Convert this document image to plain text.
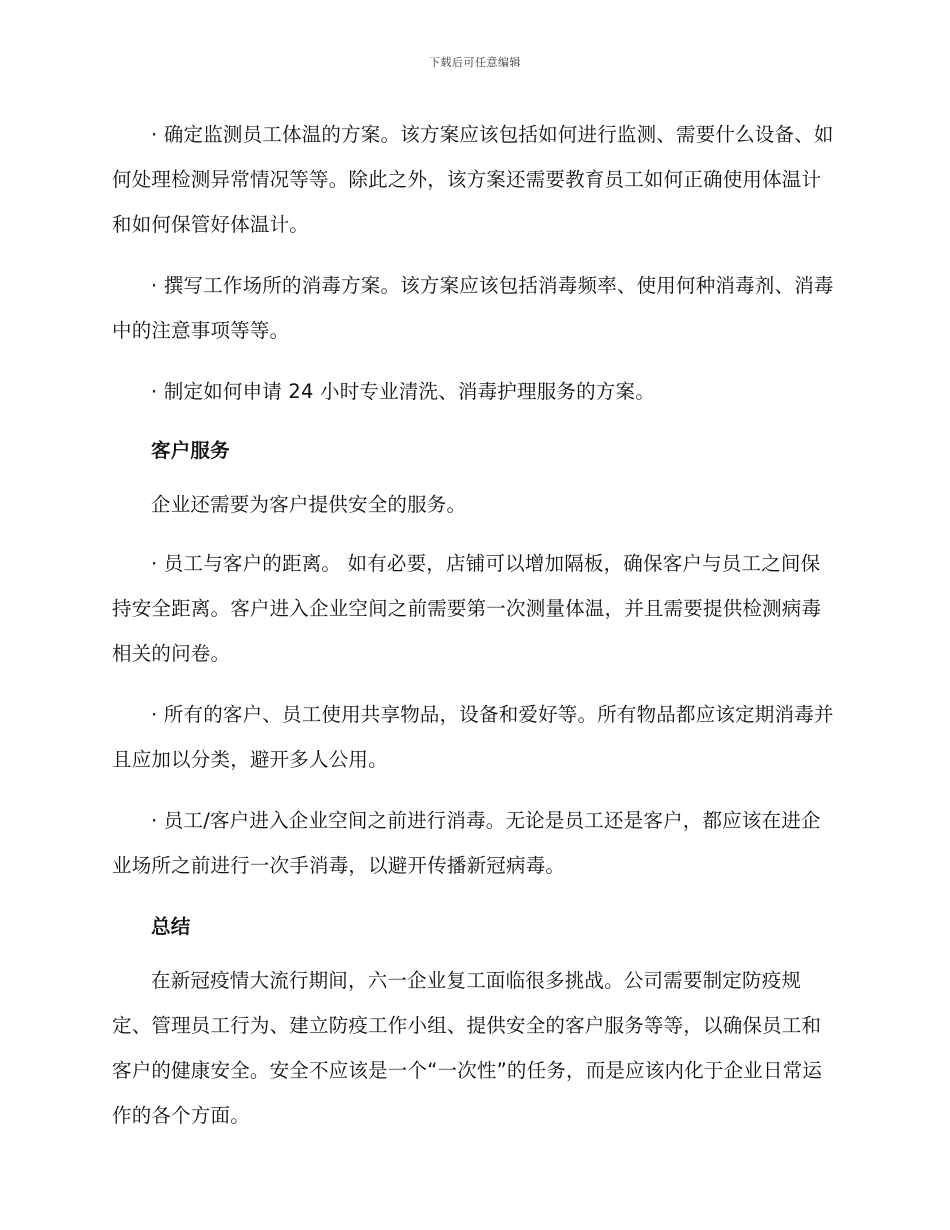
下载后可任意编辑

· 确定监测员工体温的方案。该方案应该包括如何进行监测、需要什么设备、如何处理检测异常情况等等。除此之外，该方案还需要教育员工如何正确使用体温计和如何保管好体温计。

· 撰写工作场所的消毒方案。该方案应该包括消毒频率、使用何种消毒剂、消毒中的注意事项等等。

· 制定如何申请 24 小时专业清洗、消毒护理服务的方案。

客户服务

企业还需要为客户提供安全的服务。

· 员工与客户的距离。 如有必要，店铺可以增加隔板，确保客户与员工之间保持安全距离。客户进入企业空间之前需要第一次测量体温，并且需要提供检测病毒相关的问卷。

· 所有的客户、员工使用共享物品，设备和爱好等。所有物品都应该定期消毒并且应加以分类，避开多人公用。

· 员工/客户进入企业空间之前进行消毒。无论是员工还是客户，都应该在进企业场所之前进行一次手消毒，以避开传播新冠病毒。

总结

在新冠疫情大流行期间，六一企业复工面临很多挑战。公司需要制定防疫规定、管理员工行为、建立防疫工作小组、提供安全的客户服务等等，以确保员工和客户的健康安全。安全不应该是一个“一次性”的任务，而是应该内化于企业日常运作的各个方面。
